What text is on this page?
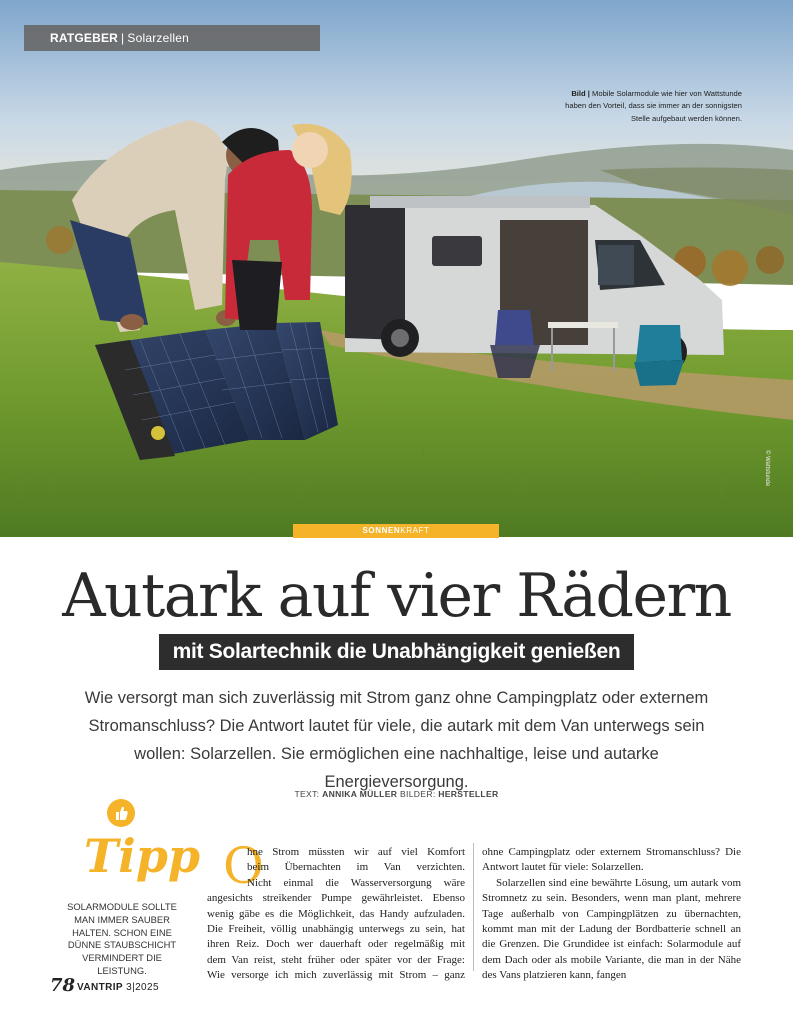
RATGEBER | Solarzellen
Bild | Mobile Solarmodule wie hier von Wattstunde haben den Vorteil, dass sie immer an der sonnigsten Stelle aufgebaut werden können.
© Wattstunde
SONNENKRAFT
Autark auf vier Rädern
mit Solartechnik die Unabhängigkeit genießen
Wie versorgt man sich zuverlässig mit Strom ganz ohne Campingplatz oder externem Stromanschluss? Die Antwort lautet für viele, die autark mit dem Van unterwegs sein wollen: Solarzellen. Sie ermöglichen eine nachhaltige, leise und autarke Energieversorgung.
TEXT: ANNIKA MÜLLER BILDER: HERSTELLER
Tipp
SOLARMODULE SOLLTE MAN IMMER SAUBER HALTEN. SCHON EINE DÜNNE STAUBSCHICHT VERMINDERT DIE LEISTUNG.
O
hne Strom müssten wir auf viel Komfort
beim Übernachten im Van verzichten.
Nicht einmal die Wasserversorgung wäre
angesichts streikender Pumpe gewährleistet. Ebenso
wenig gäbe es die Möglichkeit, das Handy aufzuladen.
Die Freiheit, völlig unabhängig unterwegs zu sein, hat
ihren Reiz. Doch wer dauerhaft oder regelmäßig mit
dem Van reist, steht früher oder später vor der Frage:
Wie versorge ich mich zuverlässig mit Strom – ganz

ohne Campingplatz oder externem Stromanschluss? Die Antwort lautet für viele: Solarzellen.

Solarzellen sind eine bewährte Lösung, um autark vom Stromnetz zu sein. Besonders, wenn man plant, mehrere Tage außerhalb von Campingplätzen zu übernachten, kommt man mit der Ladung der Bordbatterie schnell an die Grenzen. Die Grundidee ist einfach: Solarmodule auf dem Dach oder als mobile Variante, die man in der Nähe des Vans platzieren kann, fangen

78 VANTRIP 3|2025
